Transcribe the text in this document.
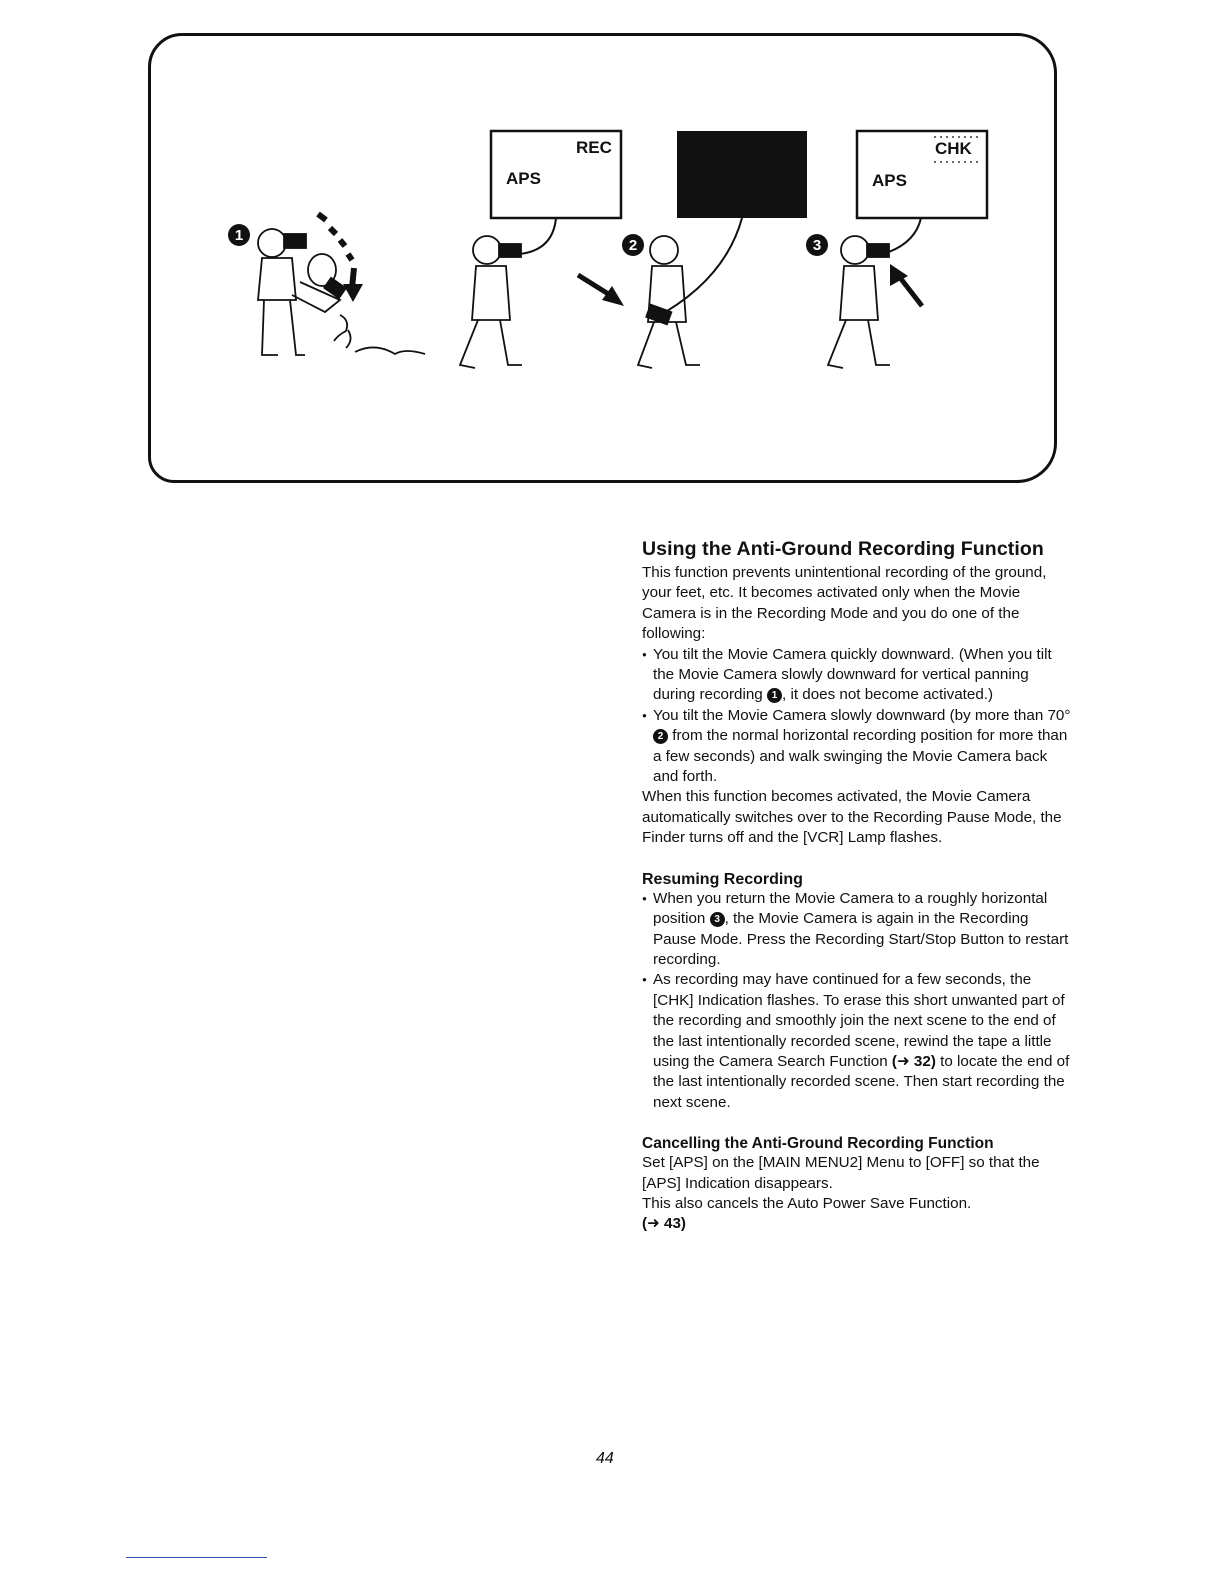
REC
APS
CHK
APS
1
2	3
Using the Anti-Ground Recording Function

This function prevents unintentional recording of the ground, your feet, etc. It becomes activated only when the Movie Camera is in the Recording Mode and you do one of the following:

● You tilt the Movie Camera quickly downward. (When you tilt the Movie Camera slowly downward for vertical panning during recording 1 , it does not become activated.)
● You tilt the Movie Camera slowly downward (by more than 70° 2 from the normal horizontal recording position for more than a few seconds) and walk swinging the Movie Camera back and forth.

When this function becomes activated, the Movie Camera automatically switches over to the Recording Pause Mode, the Finder turns off and the [VCR] Lamp flashes.

Resuming Recording
● When you return the Movie Camera to a roughly horizontal position 3 , the Movie Camera is again in the Recording Pause Mode. Press the Recording Start/Stop Button to restart recording.
● As recording may have continued for a few seconds, the [CHK] Indication flashes. To erase this short unwanted part of the recording and smoothly join the next scene to the end of the last intentionally recorded scene, rewind the tape a little using the Camera Search Function (➜ 32) to locate the end of the last intentionally recorded scene. Then start recording the next scene.
Cancelling the Anti-Ground Recording Function

Set [APS] on the [MAIN MENU2] Menu to [OFF] so that the [APS] Indication disappears.

This also cancels the Auto Power Save Function.

(➜ 43)

44
